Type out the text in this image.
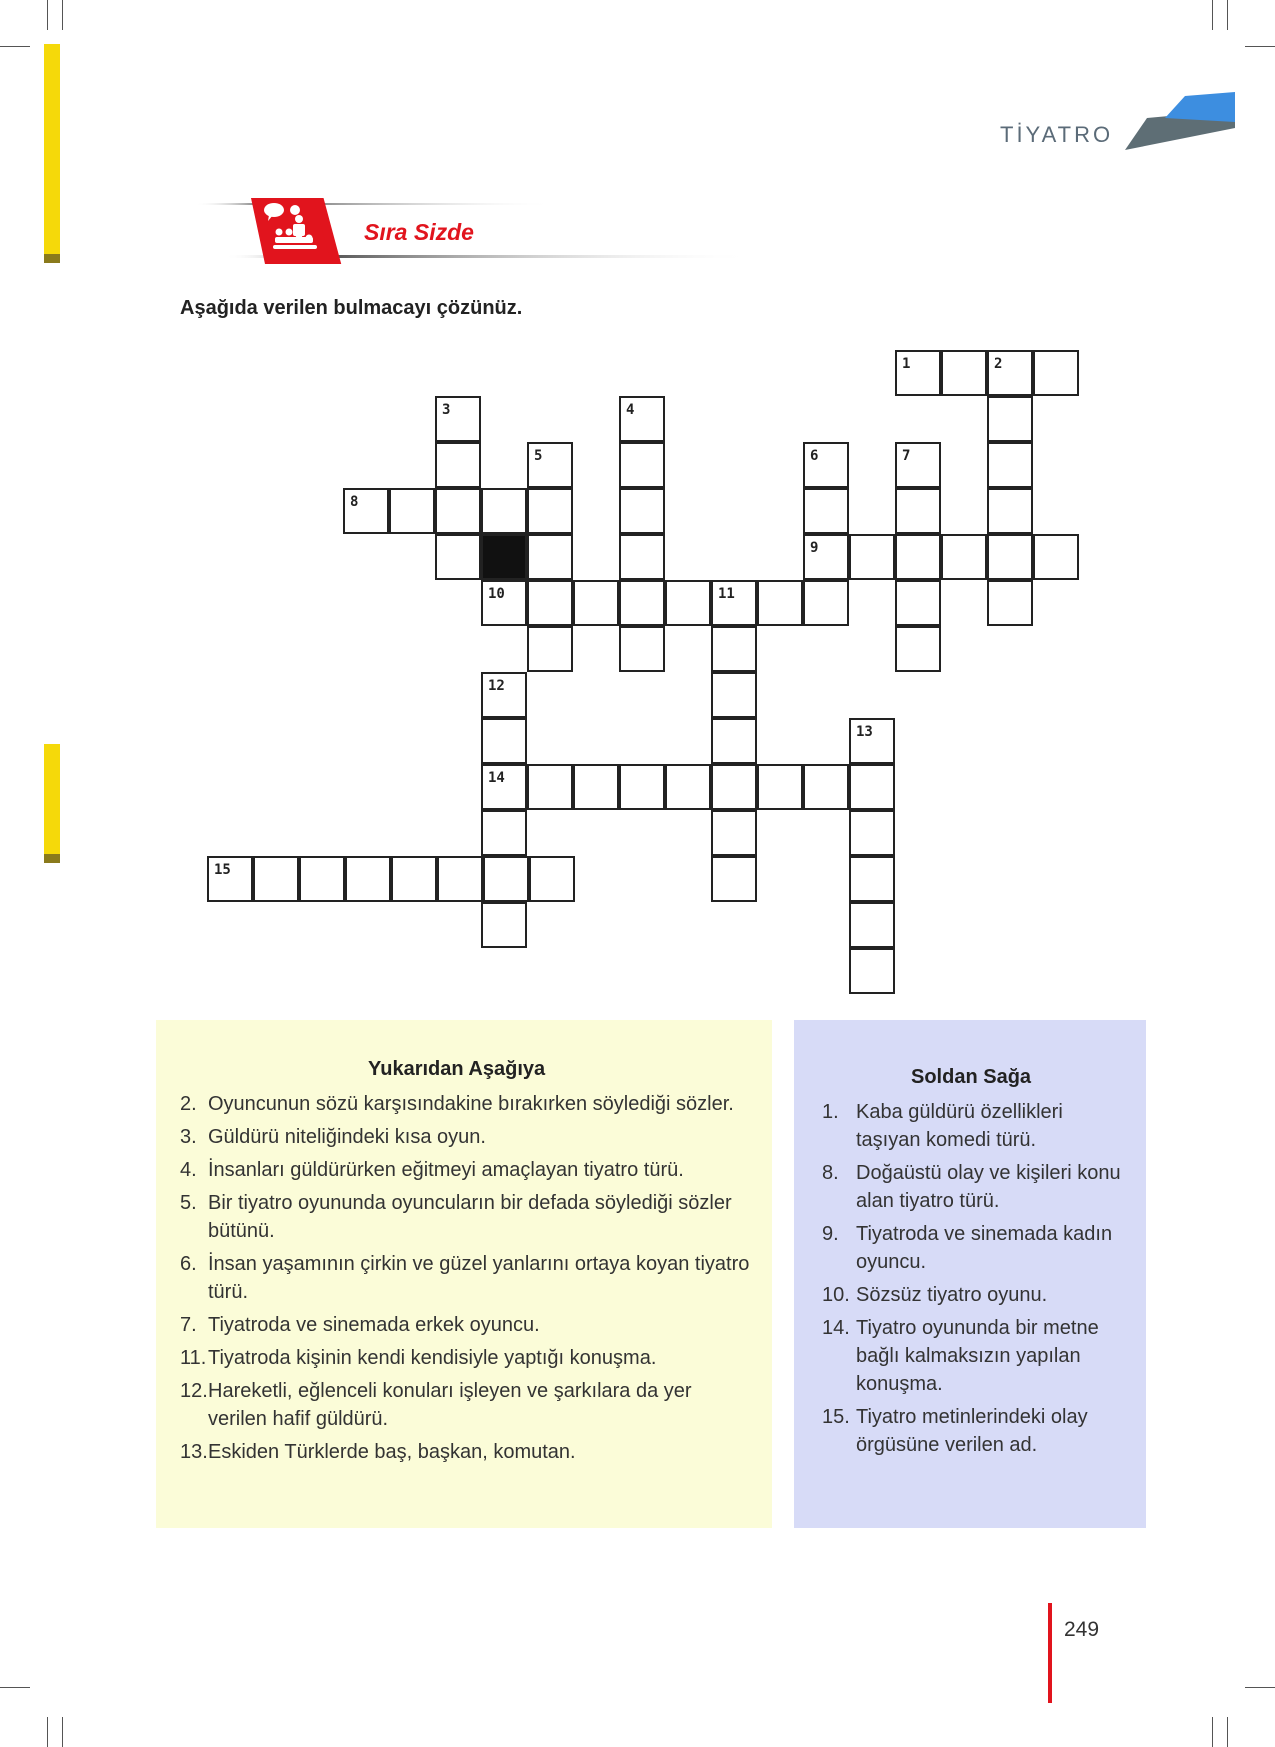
TİYATRO
Sıra Sizde
Aşağıda verilen bulmacayı çözünüz.
1	2
3	4
5	6	7
8
9
10	11
12
13
14
15
Yukarıdan Aşağıya
2. Oyuncunun sözü karşısındakine bırakırken söylediği sözler.
3. Güldürü niteliğindeki kısa oyun.
4. İnsanları güldürürken eğitmeyi amaçlayan tiyatro türü.
5. Bir tiyatro oyununda oyuncuların bir defada söylediği sözler bütünü.
6. İnsan yaşamının çirkin ve güzel yanlarını ortaya koyan tiyatro türü.
7. Tiyatroda ve sinemada erkek oyuncu.
11. Tiyatroda kişinin kendi kendisiyle yaptığı konuşma.
12. Hareketli, eğlenceli konuları işleyen ve şarkılara da yer verilen hafif güldürü.
13. Eskiden Türklerde baş, başkan, komutan.
Soldan Sağa
1. Kaba güldürü özellikleri taşıyan komedi türü.
8. Doğaüstü olay ve kişileri konu alan tiyatro türü.
9. Tiyatroda ve sinemada kadın oyuncu.
10. Sözsüz tiyatro oyunu.
14. Tiyatro oyununda bir metne bağlı kalmaksızın yapılan konuşma.
15. Tiyatro metinlerindeki olay örgüsüne verilen ad.
249
